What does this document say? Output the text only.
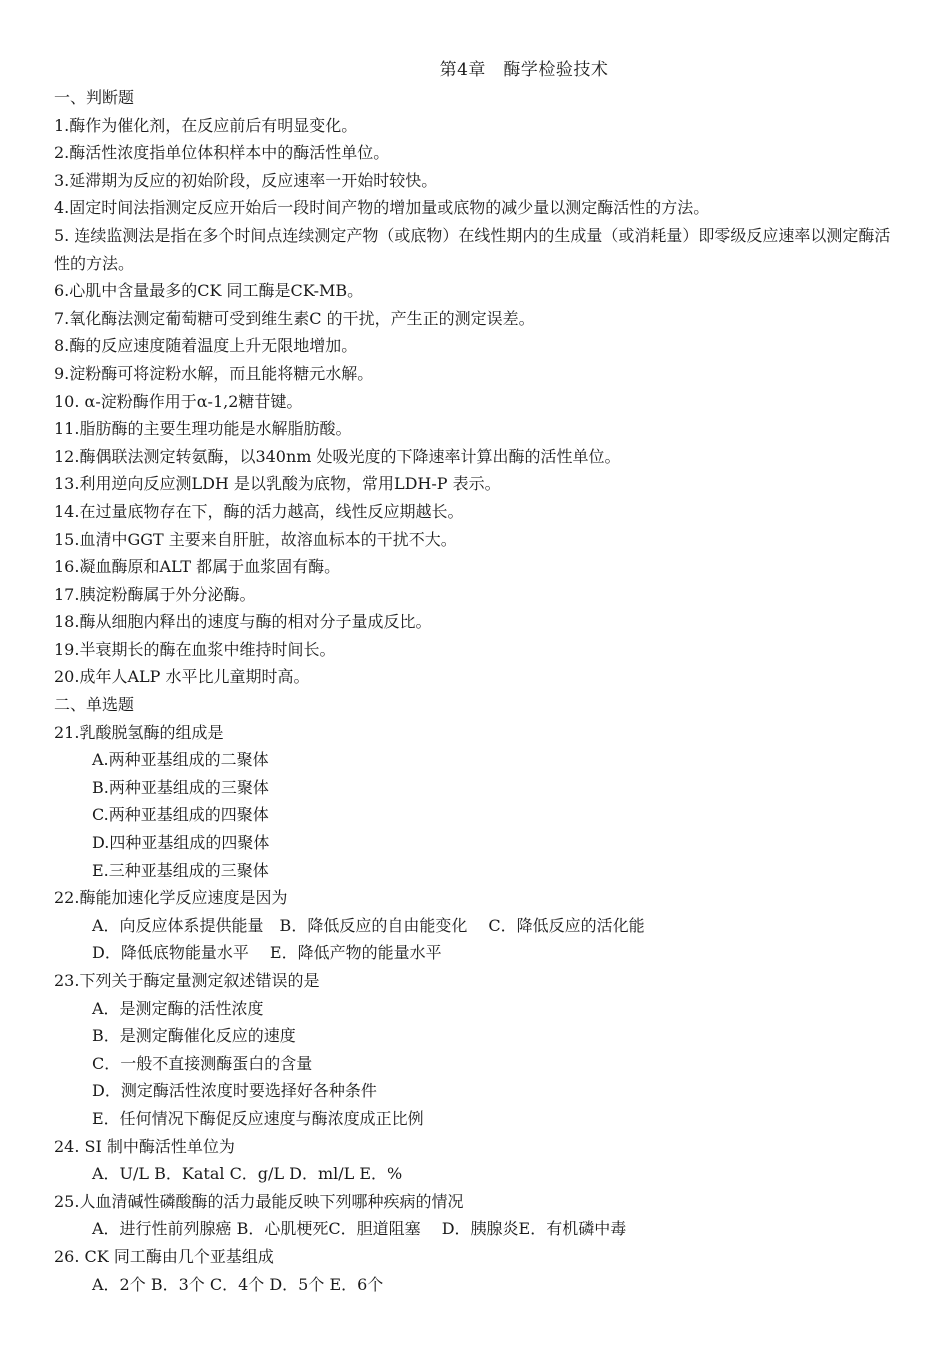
第4章　酶学检验技术
一、判断题
1.酶作为催化剂，在反应前后有明显变化。
2.酶活性浓度指单位体积样本中的酶活性单位。
3.延滞期为反应的初始阶段，反应速率一开始时较快。
4.固定时间法指测定反应开始后一段时间产物的增加量或底物的减少量以测定酶活性的方法。
5. 连续监测法是指在多个时间点连续测定产物（或底物）在线性期内的生成量（或消耗量）即零级反应速率以测定酶活性的方法。
6.心肌中含量最多的CK 同工酶是CK-MB。
7.氧化酶法测定葡萄糖可受到维生素C 的干扰，产生正的测定误差。
8.酶的反应速度随着温度上升无限地增加。
9.淀粉酶可将淀粉水解，而且能将糖元水解。
10. α-淀粉酶作用于α-1,2糖苷键。
11.脂肪酶的主要生理功能是水解脂肪酸。
12.酶偶联法测定转氨酶，以340nm 处吸光度的下降速率计算出酶的活性单位。
13.利用逆向反应测LDH 是以乳酸为底物，常用LDH-P 表示。
14.在过量底物存在下，酶的活力越高，线性反应期越长。
15.血清中GGT 主要来自肝脏，故溶血标本的干扰不大。
16.凝血酶原和ALT 都属于血浆固有酶。
17.胰淀粉酶属于外分泌酶。
18.酶从细胞内释出的速度与酶的相对分子量成反比。
19.半衰期长的酶在血浆中维持时间长。
20.成年人ALP 水平比儿童期时高。
二、单选题
21.乳酸脱氢酶的组成是
A.两种亚基组成的二聚体
B.两种亚基组成的三聚体
C.两种亚基组成的四聚体
D.四种亚基组成的四聚体
E.三种亚基组成的三聚体
22.酶能加速化学反应速度是因为
A．向反应体系提供能量　B．降低反应的自由能变化　 C．降低反应的活化能
D．降低底物能量水平　 E．降低产物的能量水平
23.下列关于酶定量测定叙述错误的是
A．是测定酶的活性浓度
B．是测定酶催化反应的速度
C．一般不直接测酶蛋白的含量
D．测定酶活性浓度时要选择好各种条件
E．任何情况下酶促反应速度与酶浓度成正比例
24. SI 制中酶活性单位为
A．U/L B．Katal C．g/L D．ml/L E．%
25.人血清碱性磷酸酶的活力最能反映下列哪种疾病的情况
A．进行性前列腺癌 B．心肌梗死C．胆道阻塞　 D．胰腺炎E．有机磷中毒
26. CK 同工酶由几个亚基组成
A．2个 B．3个 C．4个 D．5个 E．6个
